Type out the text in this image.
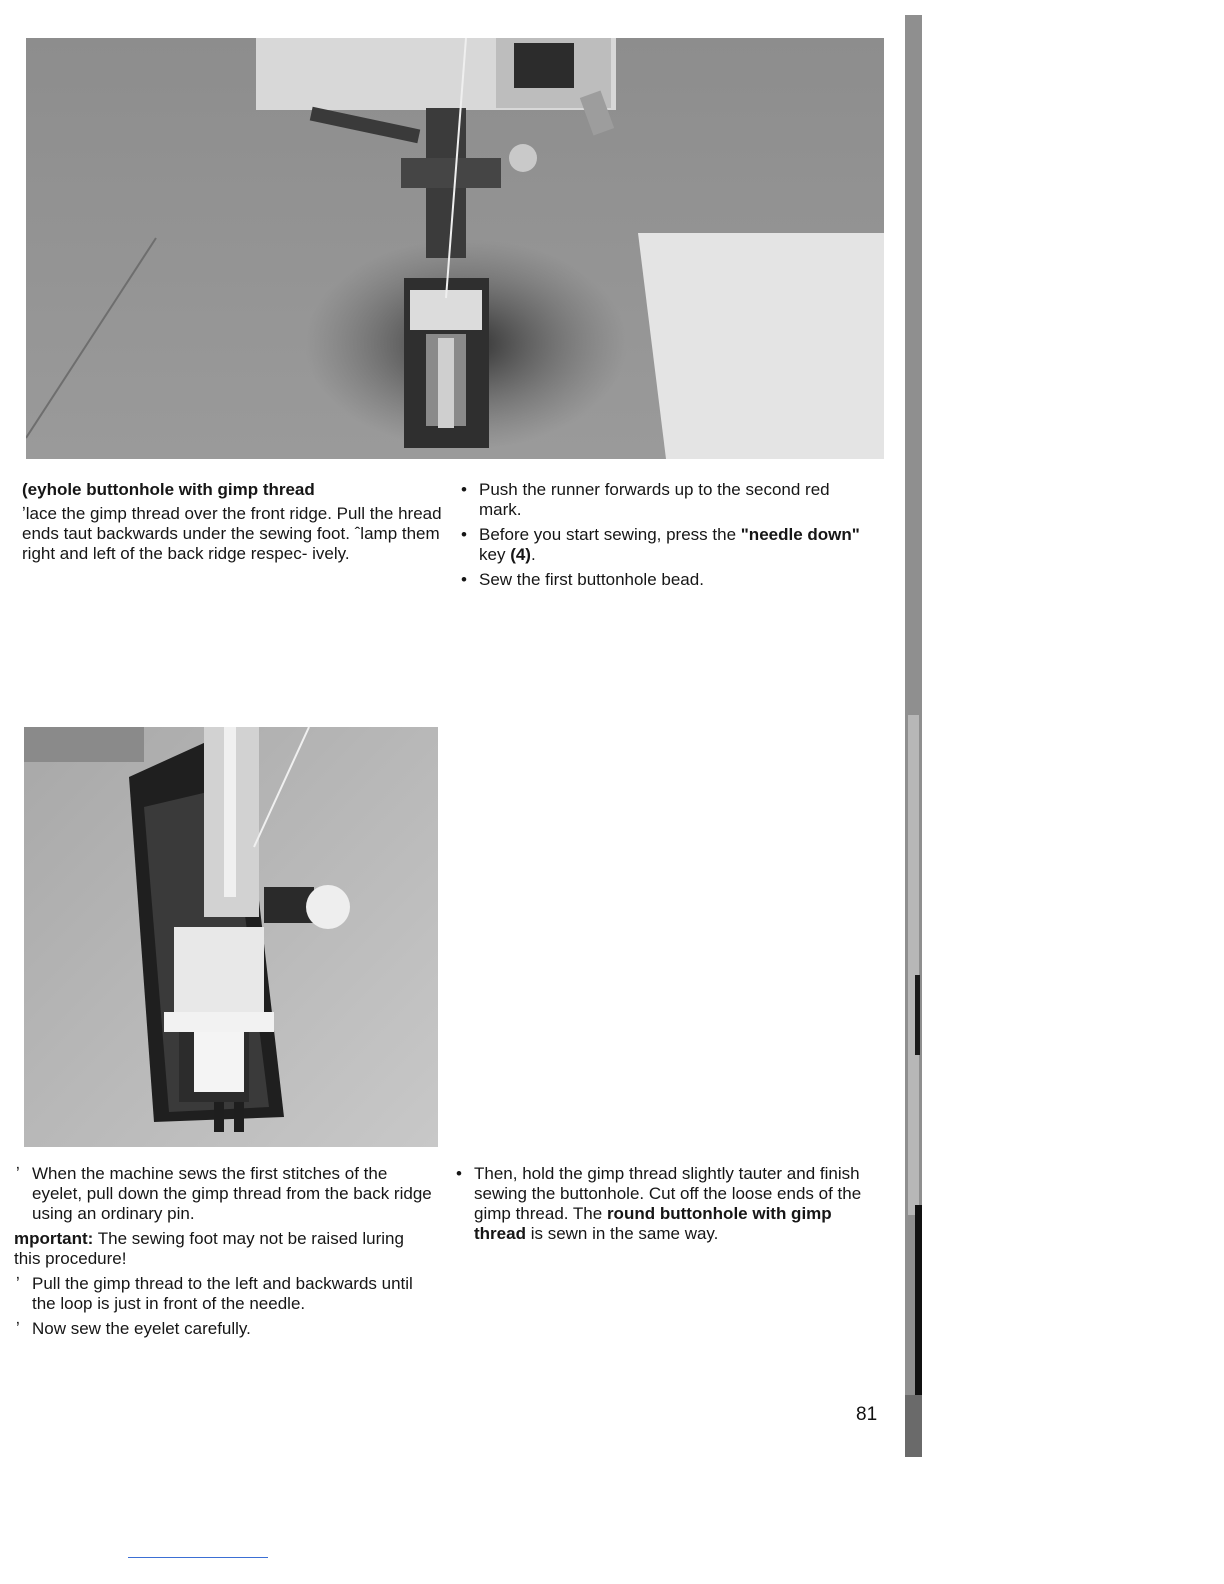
(eyhole buttonhole with gimp thread

ʼlace the gimp thread over the front ridge. Pull the hread ends taut backwards under the sewing foot. ˆlamp them right and left of the back ridge respec- ively.

• Push the runner forwards up to the second red mark.

• Before you start sewing, press the "needle down" key (4).

• Sew the first buttonhole bead.

ʼ When the machine sews the first stitches of the eyelet, pull down the gimp thread from the back ridge using an ordinary pin.

mportant: The sewing foot may not be raised luring this procedure!

ʼ Pull the gimp thread to the left and backwards until the loop is just in front of the needle.

ʼ Now sew the eyelet carefully.

• Then, hold the gimp thread slightly tauter and finish sewing the buttonhole. Cut off the loose ends of the gimp thread. The round buttonhole with gimp thread is sewn in the same way.

81
